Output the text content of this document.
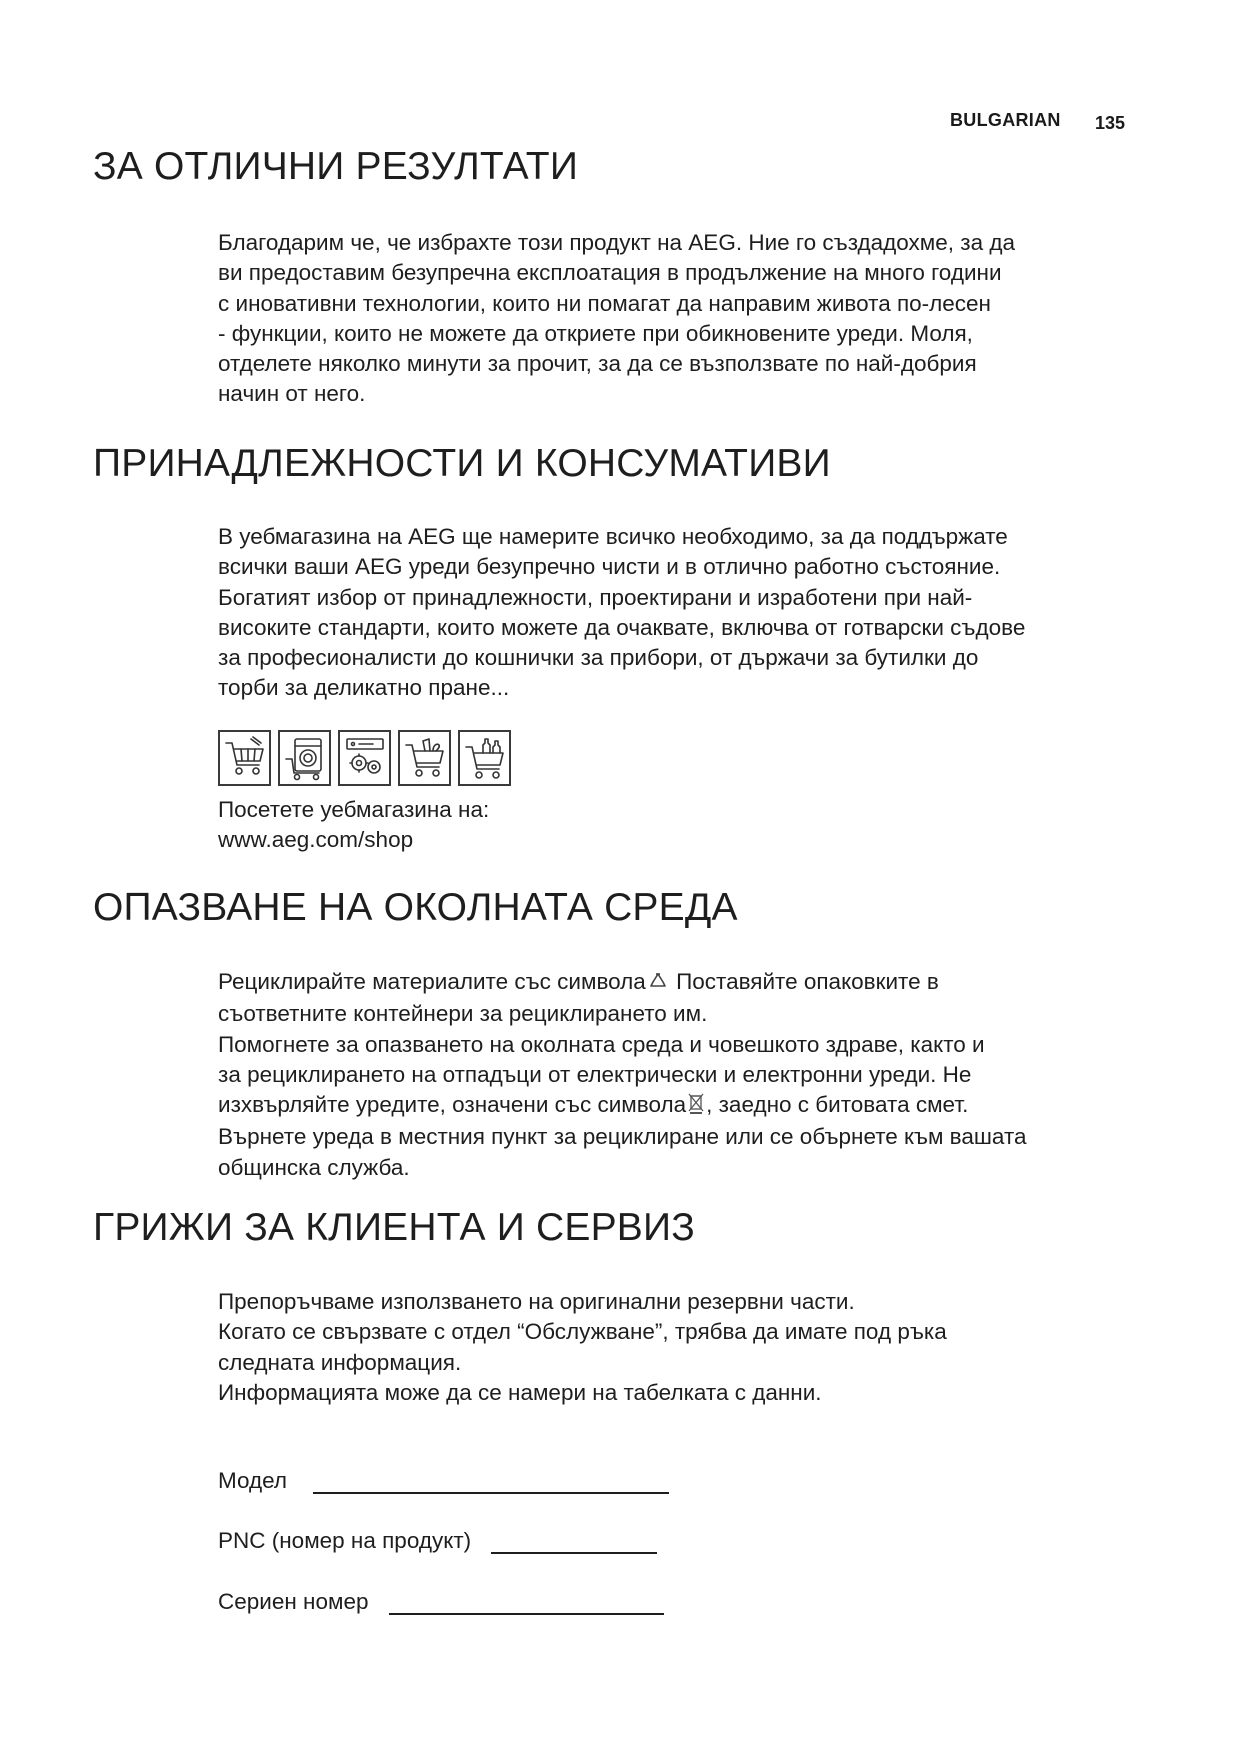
BULGARIAN 135
ЗА ОТЛИЧНИ РЕЗУЛТАТИ
Благодарим че, че избрахте този продукт на AEG. Ние го създадохме, за да
ви предоставим безупречна експлоатация в продължение на много години
с иновативни технологии, които ни помагат да направим живота по-лесен
- функции, които не можете да откриете при обикновените уреди. Моля,
отделете няколко минути за прочит, за да се възползвате по най-добрия
начин от него.
ПРИНАДЛЕЖНОСТИ И КОНСУМАТИВИ
В уебмагазина на AEG ще намерите всичко необходимо, за да поддържате
всички ваши AEG уреди безупречно чисти и в отлично работно състояние.
Богатият избор от принадлежности, проектирани и изработени при най-
високите стандарти, които можете да очаквате, включва от готварски съдове
за професионалисти до кошнички за прибори, от държачи за бутилки до
торби за деликатно пране...
Посетете уебмагазина на:
www.aeg.com/shop
ОПАЗВАНЕ НА ОКОЛНАТА СРЕДА
Рециклирайте материалите със символа Поставяйте опаковките в
съответните контейнери за рециклирането им.
Помогнете за опазването на околната среда и човешкото здраве, както и
за рециклирането на отпадъци от електрически и електронни уреди. Не
изхвърляйте уредите, означени със символа , заедно с битовата смет.
Върнете уреда в местния пункт за рециклиране или се обърнете към вашата
общинска служба.
ГРИЖИ ЗА КЛИЕНТА И СЕРВИЗ
Препоръчваме използването на оригинални резервни части.
Когато се свързвате с отдел “Обслужване”, трябва да имате под ръка
следната информация.
Информацията може да се намери на табелката с данни.
Модел
PNC (номер на продукт)
Сериен номер
